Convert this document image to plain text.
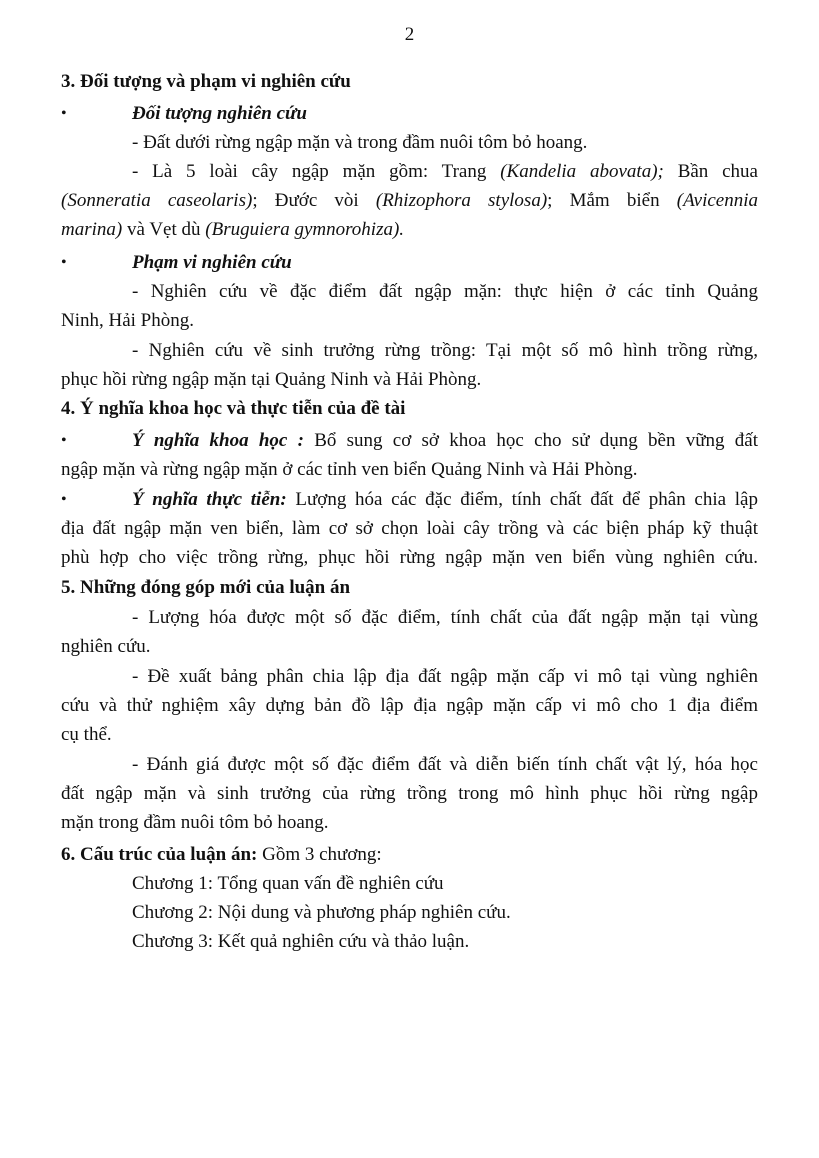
2
3. Đối tượng và phạm vi nghiên cứu
•	Đối tượng nghiên cứu
- Đất dưới rừng ngập mặn và trong đầm nuôi tôm bỏ hoang.
- Là 5 loài cây ngập mặn gồm: Trang (Kandelia abovata); Bần chua
(Sonneratia caseolaris); Đước vòi (Rhizophora stylosa); Mắm biển (Avicennia
marina) và Vẹt dù (Bruguiera gymnorohiza).
•	Phạm vi nghiên cứu
- Nghiên cứu về đặc điểm đất ngập mặn: thực hiện ở các tỉnh Quảng
Ninh, Hải Phòng.
- Nghiên cứu về sinh trưởng rừng trồng: Tại một số mô hình trồng rừng,
phục hồi rừng ngập mặn tại Quảng Ninh và Hải Phòng.
4. Ý nghĩa khoa học và thực tiễn của đề tài
•	Ý nghĩa khoa học : Bổ sung cơ sở khoa học cho sử dụng bền vững đất
ngập mặn và rừng ngập mặn ở các tỉnh ven biển Quảng Ninh và Hải Phòng.
•	Ý nghĩa thực tiễn: Lượng hóa các đặc điểm, tính chất đất để phân chia lập
địa đất ngập mặn ven biển, làm cơ sở chọn loài cây trồng và các biện pháp kỹ thuật
phù hợp cho việc trồng rừng, phục hồi rừng ngập mặn ven biển vùng nghiên cứu.
5. Những đóng góp mới của luận án
- Lượng hóa được một số đặc điểm, tính chất của đất ngập mặn tại vùng
nghiên cứu.
- Đề xuất bảng phân chia lập địa đất ngập mặn cấp vi mô tại vùng nghiên
cứu và thử nghiệm xây dựng bản đồ lập địa ngập mặn cấp vi mô cho 1 địa điểm
cụ thể.
- Đánh giá được một số đặc điểm đất và diễn biến tính chất vật lý, hóa học
đất ngập mặn và sinh trưởng của rừng trồng trong mô hình phục hồi rừng ngập
mặn trong đầm nuôi tôm bỏ hoang.
6. Cấu trúc của luận án: Gồm 3 chương:
Chương 1: Tổng quan vấn đề nghiên cứu
Chương 2: Nội dung và phương pháp nghiên cứu.
Chương 3: Kết quả nghiên cứu và thảo luận.
